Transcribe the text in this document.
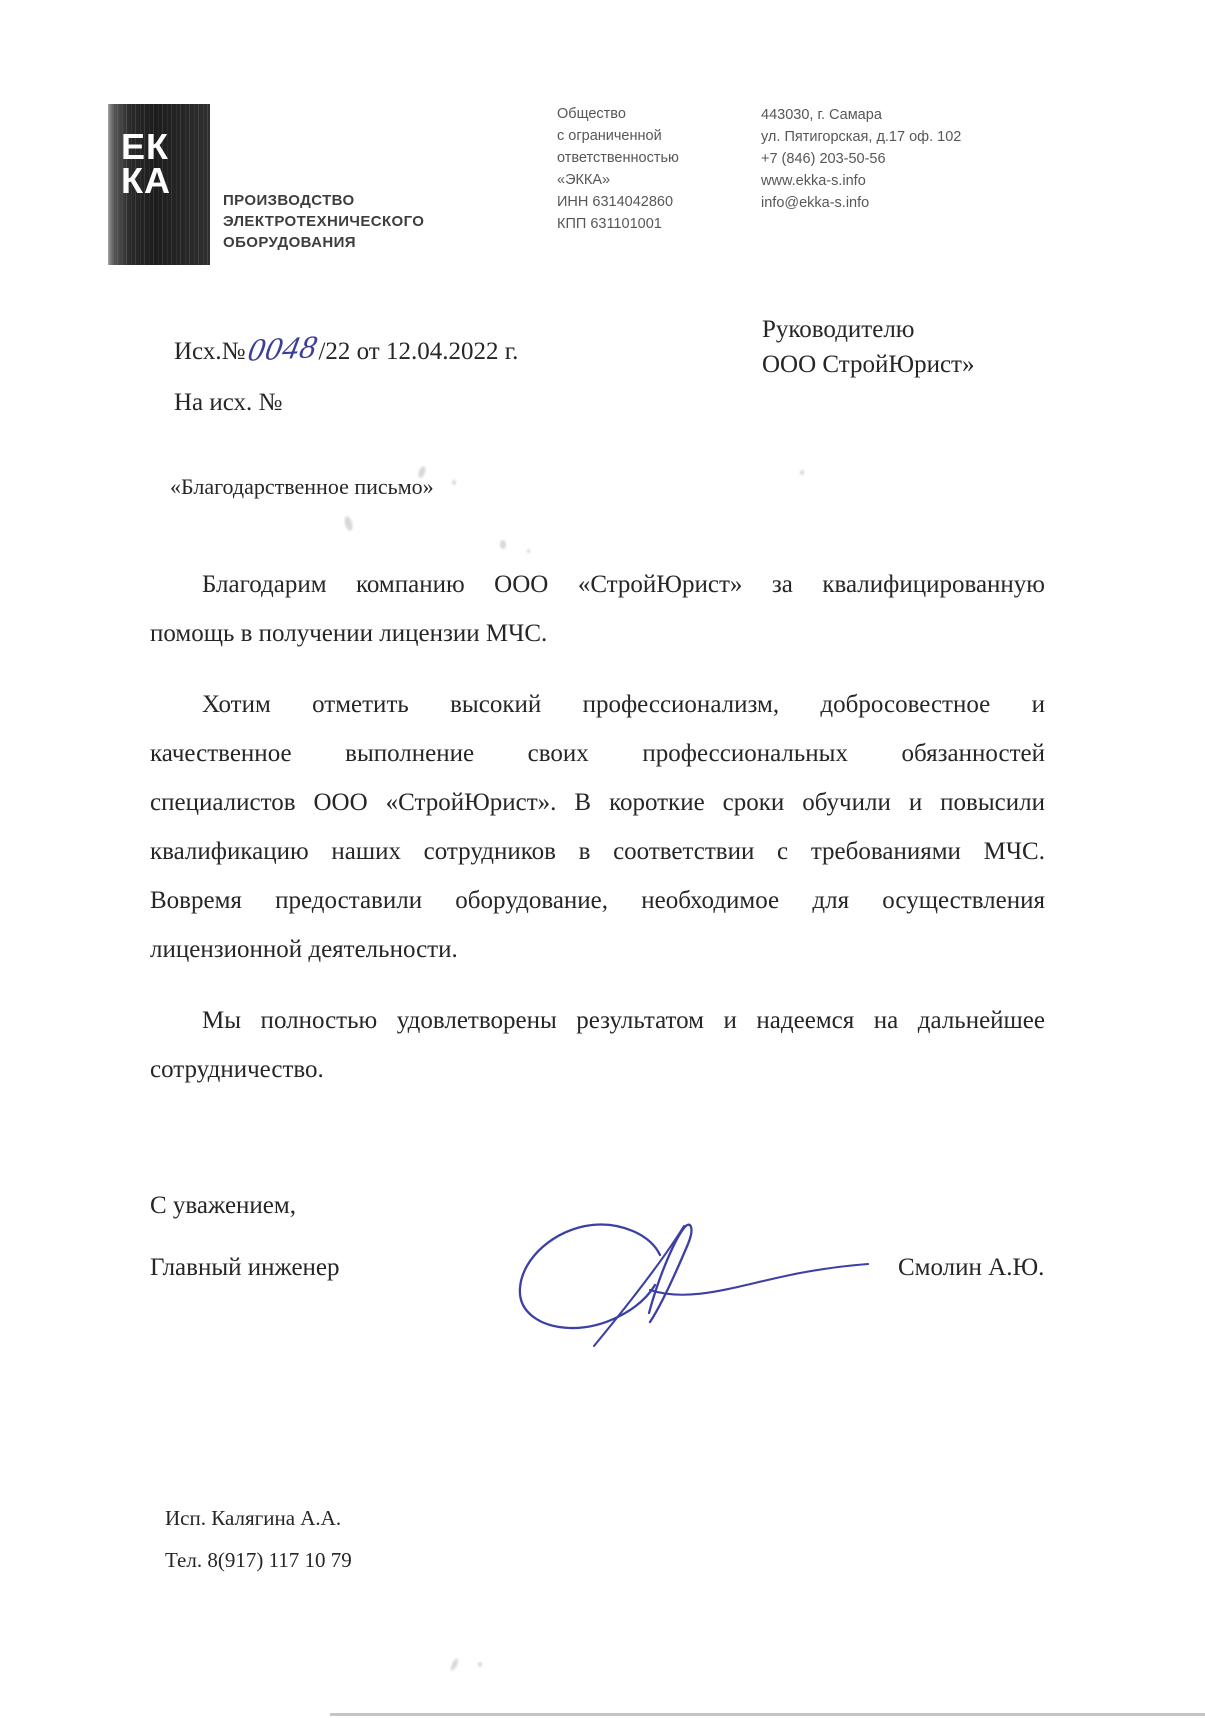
ЕК
КА	ПРОИЗВОДСТВО
ЭЛЕКТРОТЕХНИЧЕСКОГО
ОБОРУДОВАНИЯ
Общество
с ограниченной
ответственностью
«ЭККА»
ИНН 6314042860
КПП 631101001
443030, г. Самара
ул. Пятигорская, д.17 оф. 102
+7 (846) 203-50-56
www.ekka-s.info
info@ekka-s.info
Исх.№0048/22 от 12.04.2022 г.
На исх. №
Руководителю
ООО СтройЮрист»
«Благодарственное письмо»
Благодарим компанию ООО «СтройЮрист» за квалифицированную
помощь в получении лицензии МЧС.
Хотим отметить высокий профессионализм, добросовестное и
качественное выполнение своих профессиональных обязанностей
специалистов ООО «СтройЮрист». В короткие сроки обучили и повысили
квалификацию наших сотрудников в соответствии с требованиями МЧС.
Вовремя предоставили оборудование, необходимое для осуществления
лицензионной деятельности.
Мы полностью удовлетворены результатом и надеемся на дальнейшее
сотрудничество.
С уважением,
Главный инженер	Смолин А.Ю.
Исп. Калягина А.А.
Тел. 8(917) 117 10 79
